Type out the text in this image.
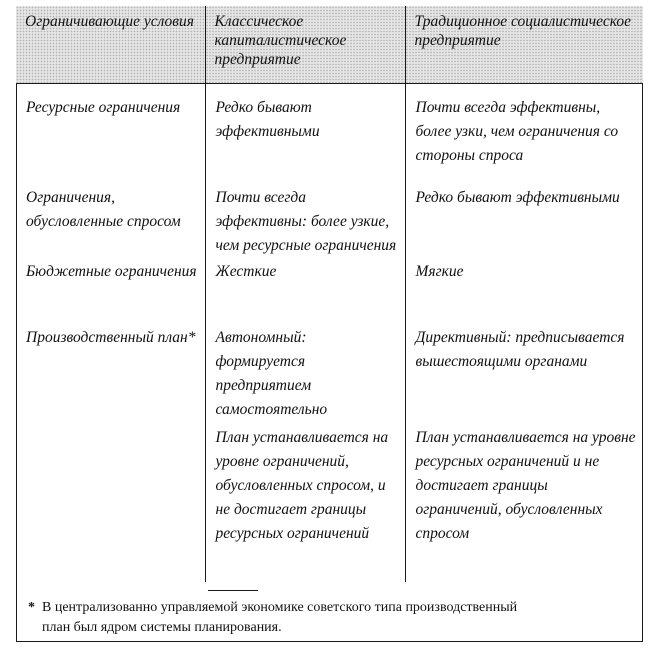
Ограничивающие условия	Классическое капиталистическое предприятие	Традиционное социалистическое предприятие
Ресурсные ограничения	Редко бывают эффективными	Почти всегда эффективны, более узки, чем ограничения со стороны спроса
Ограничения, обусловленные спросом	Почти всегда эффективны: более узкие, чем ресурсные ограничения	Редко бывают эффективными
Бюджетные ограничения	Жесткие	Мягкие
Производственный план*	Автономный: формируется предприятием самостоятельно	Директивный: предписывается вышестоящими органами
	План устанавливается на уровне ограничений, обусловленных спросом, и не достигает границы ресурсных ограничений	План устанавливается на уровне ресурсных ограничений и не достигает границы ограничений, обусловленных спросом
* В централизованно управляемой экономике советского типа производственный
план был ядром системы планирования.
